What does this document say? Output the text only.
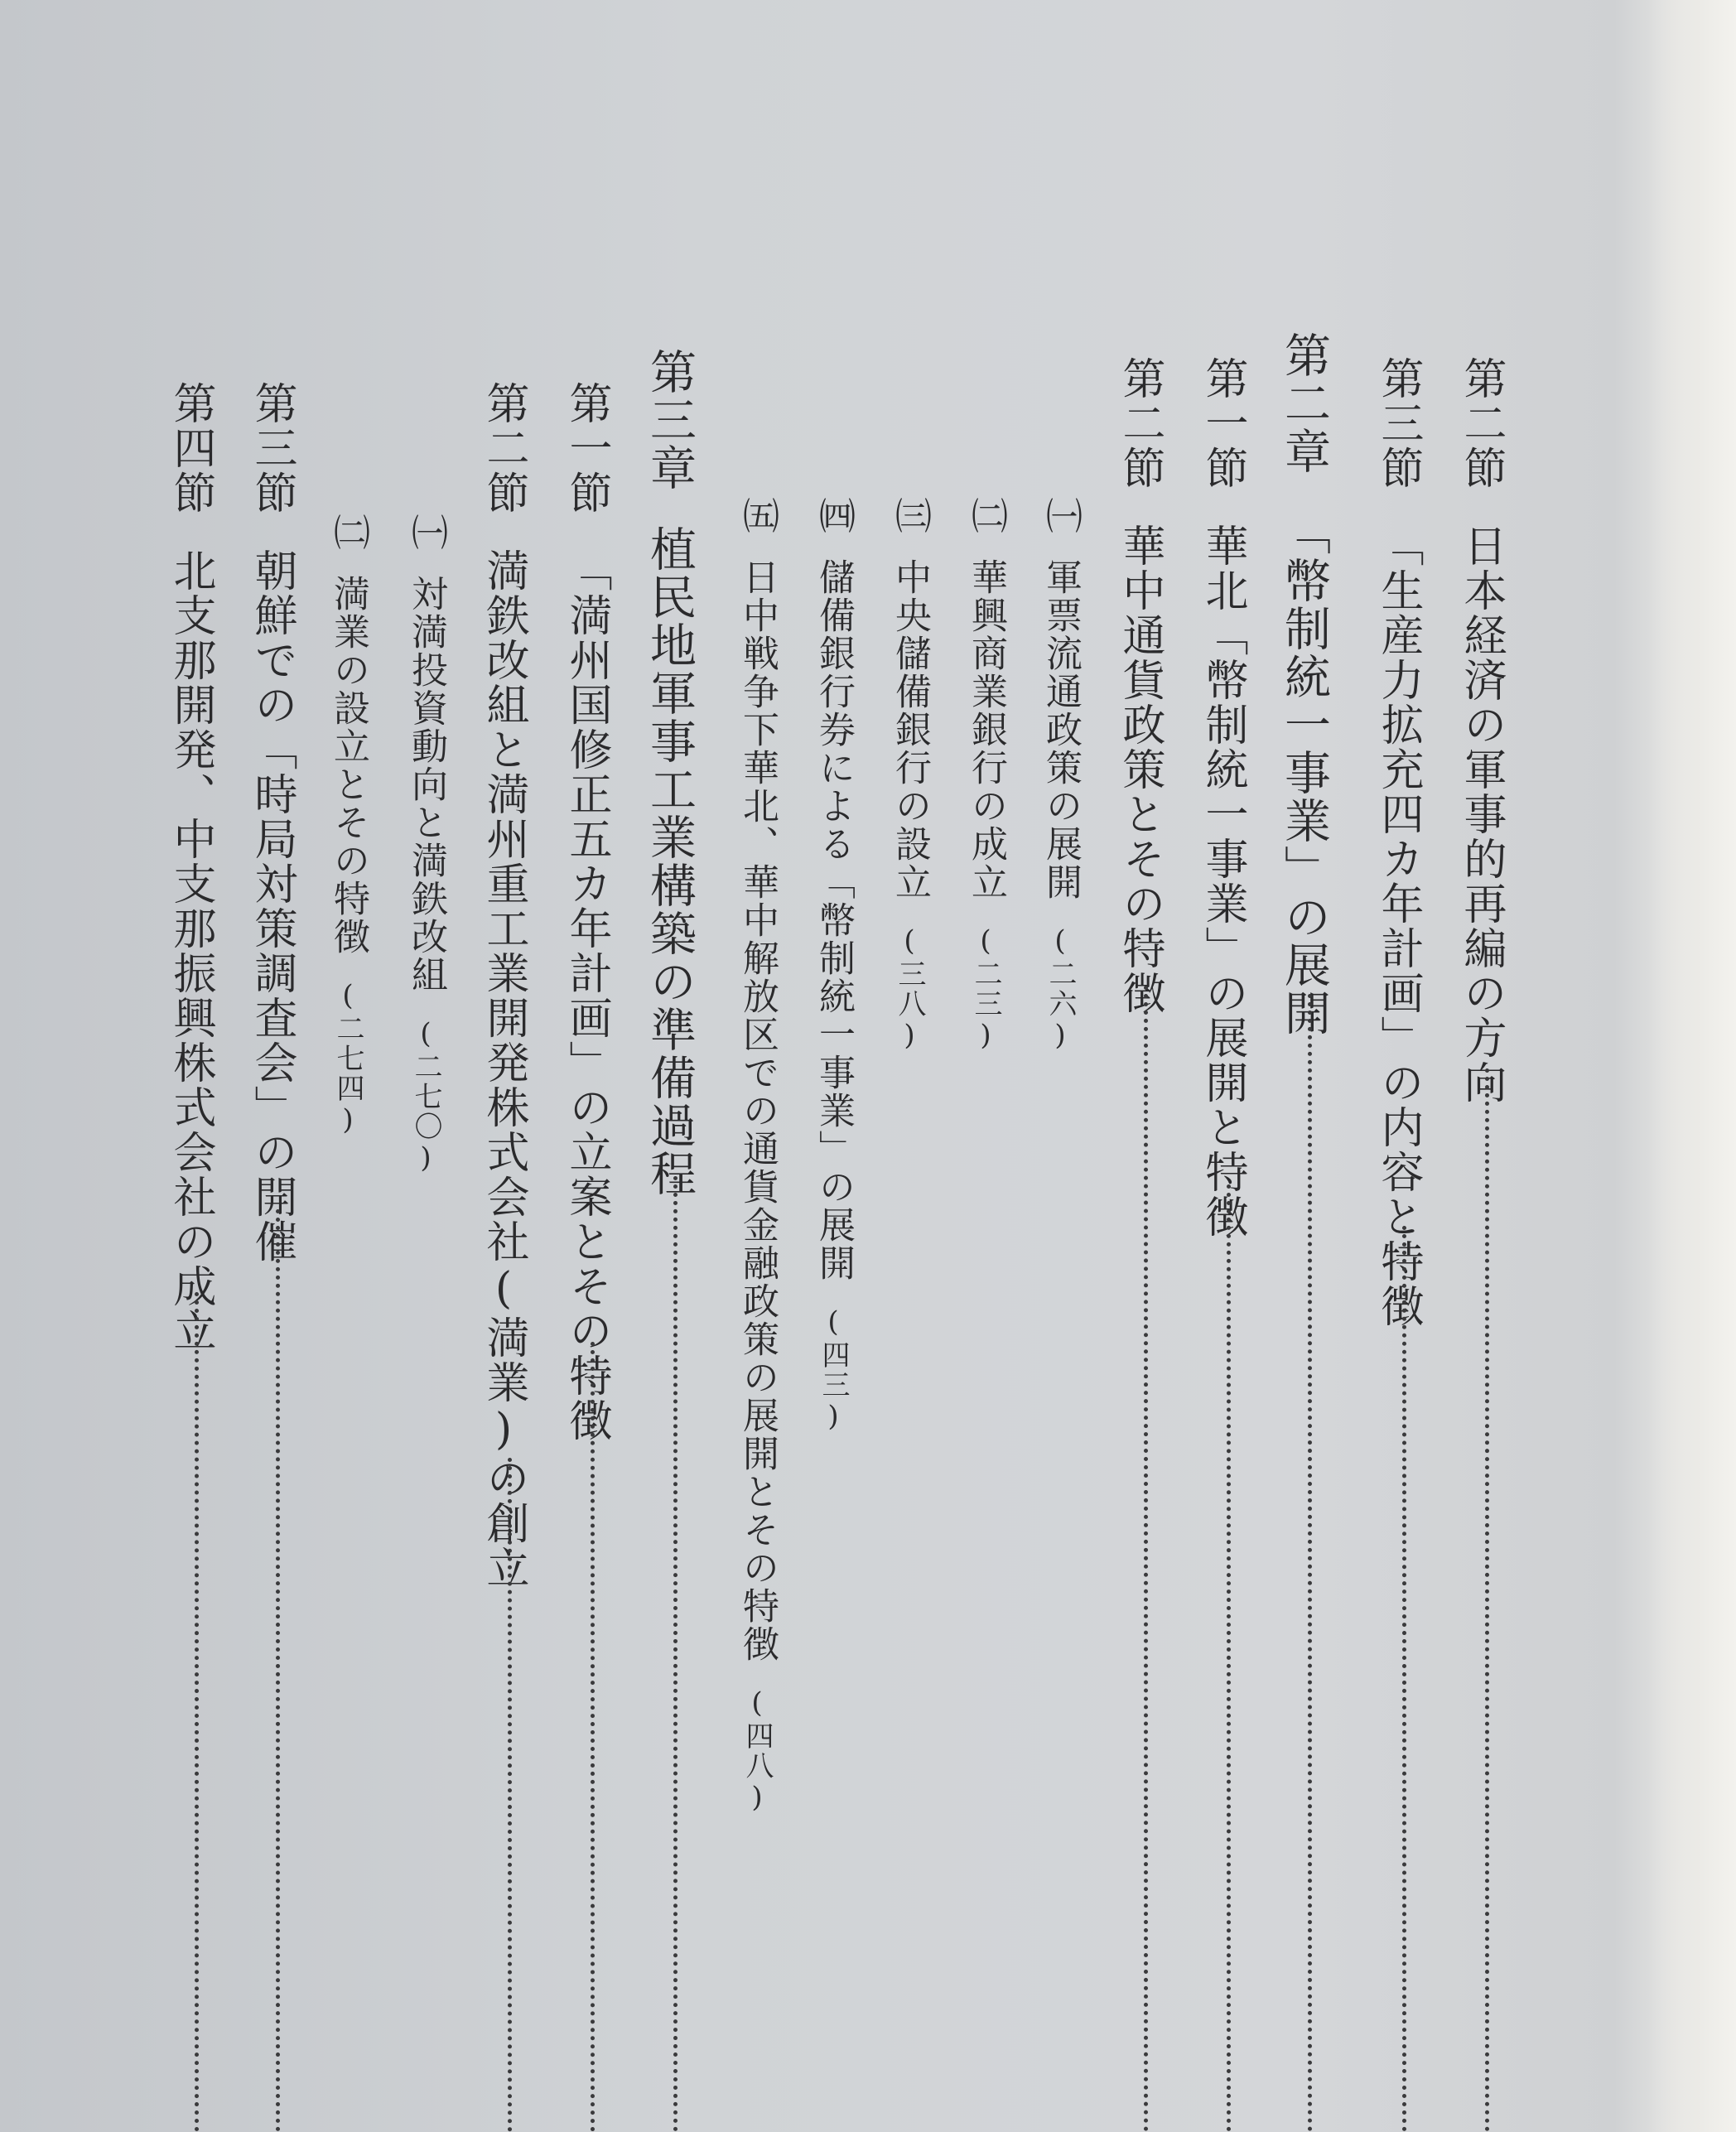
第二節日本経済の軍事的再編の方向
第三節「生産力拡充四カ年計画」の内容と特徴
第二章「幣制統一事業」の展開
第一節華北「幣制統一事業」の展開と特徴
第二節華中通貨政策とその特徴
㈠軍票流通政策の展開(二六)
㈡華興商業銀行の成立(二三)
㈢中央儲備銀行の設立(三八)
㈣儲備銀行券による「幣制統一事業」の展開(四三)
㈤日中戦争下華北、華中解放区での通貨金融政策の展開とその特徴(四八)
第三章植民地軍事工業構築の準備過程
第一節「満州国修正五カ年計画」の立案とその特徴
第二節満鉄改組と満州重工業開発株式会社(満業)の創立
㈠対満投資動向と満鉄改組(二七〇)
㈡満業の設立とその特徴(二七四)
第三節朝鮮での「時局対策調査会」の開催
第四節北支那開発、中支那振興株式会社の成立
